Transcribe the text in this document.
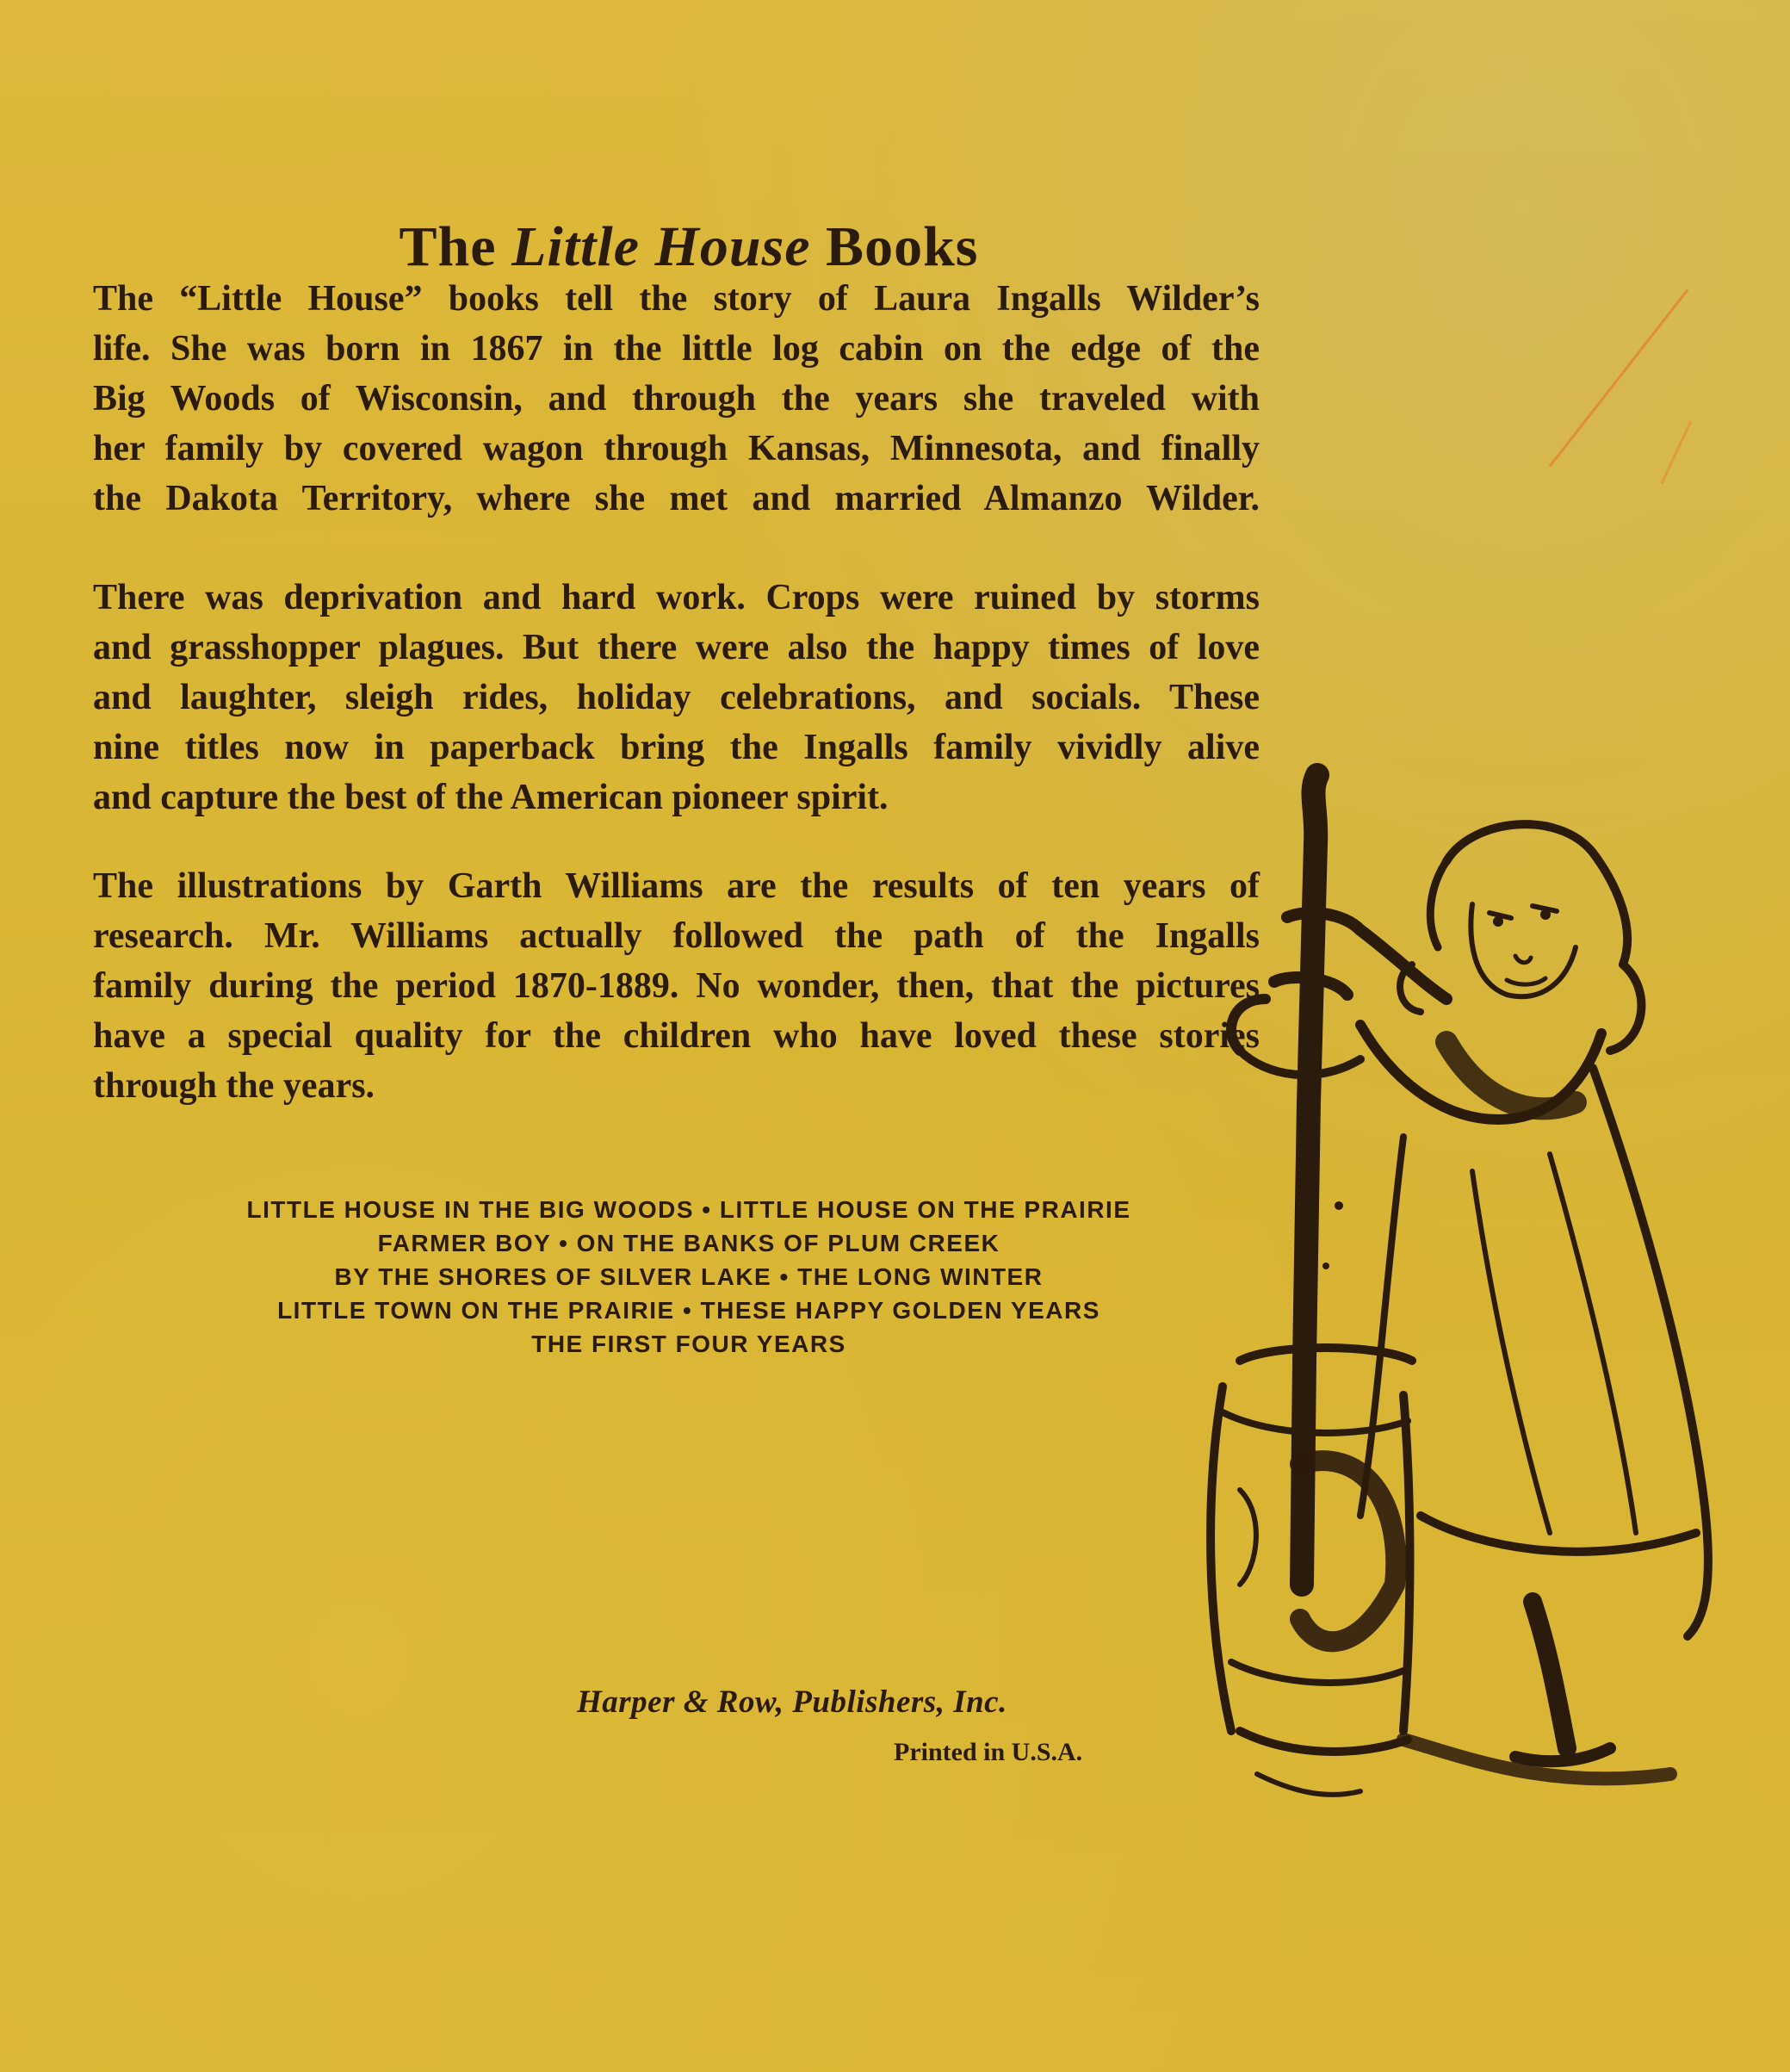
The Little House Books
The “Little House” books tell the story of Laura Ingalls Wilder’s
life. She was born in 1867 in the little log cabin on the edge of the
Big Woods of Wisconsin, and through the years she traveled with
her family by covered wagon through Kansas, Minnesota, and finally
the Dakota Territory, where she met and married Almanzo Wilder.
There was deprivation and hard work. Crops were ruined by storms
and grasshopper plagues. But there were also the happy times of love
and laughter, sleigh rides, holiday celebrations, and socials. These
nine titles now in paperback bring the Ingalls family vividly alive
and capture the best of the American pioneer spirit.
The illustrations by Garth Williams are the results of ten years of
research. Mr. Williams actually followed the path of the Ingalls
family during the period 1870-1889. No wonder, then, that the pictures
have a special quality for the children who have loved these stories
through the years.
LITTLE HOUSE IN THE BIG WOODS • LITTLE HOUSE ON THE PRAIRIE
FARMER BOY • ON THE BANKS OF PLUM CREEK
BY THE SHORES OF SILVER LAKE • THE LONG WINTER
LITTLE TOWN ON THE PRAIRIE • THESE HAPPY GOLDEN YEARS
THE FIRST FOUR YEARS
Harper & Row, Publishers, Inc.
Printed in U.S.A.
